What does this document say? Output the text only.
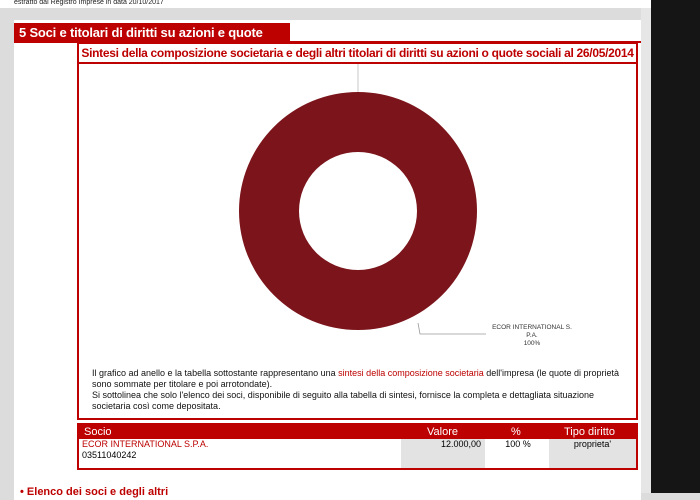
estratto dal Registro Imprese in data 20/10/2017
5 Soci e titolari di diritti su azioni e quote
Sintesi della composizione societaria e degli altri titolari di diritti su azioni o quote sociali al 26/05/2014
ECOR INTERNATIONAL S.
P.A.
100%
Il grafico ad anello e la tabella sottostante rappresentano una sintesi della composizione societaria dell'impresa (le quote di proprietà sono sommate per titolare e poi arrotondate).
Si sottolinea che solo l'elenco dei soci, disponibile di seguito alla tabella di sintesi, fornisce la completa e dettagliata situazione societaria così come depositata.
Socio	Valore	%	Tipo diritto
ECOR INTERNATIONAL S.P.A.
03511040242
12.000,00	100 %	proprieta'
• Elenco dei soci e degli altri
